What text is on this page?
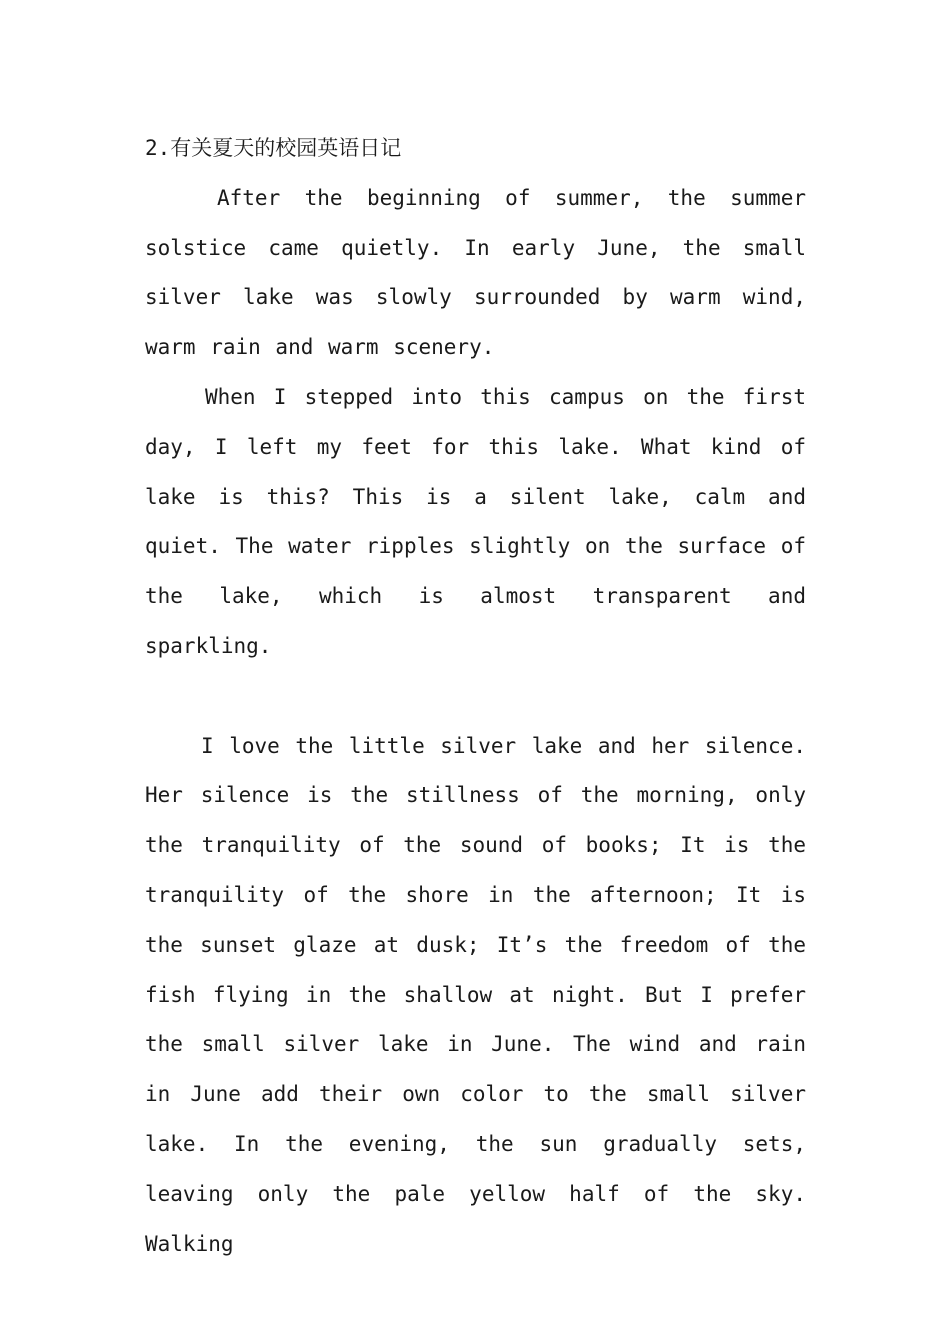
2.有关夏天的校园英语日记

After the beginning of summer, the summer solstice came quietly. In early June, the small silver lake was slowly surrounded by warm wind, warm rain and warm scenery.

When I stepped into this campus on the first day, I left my feet for this lake. What kind of lake is this? This is a silent lake, calm and quiet. The water ripples slightly on the surface of the lake, which is almost transparent and sparkling.

I love the little silver lake and her silence. Her silence is the stillness of the morning, only the tranquility of the sound of books; It is the tranquility of the shore in the afternoon; It is the sunset glaze at dusk; It’s the freedom of the fish flying in the shallow at night. But I prefer the small silver lake in June. The wind and rain in June add their own color to the small silver lake. In the evening, the sun gradually sets, leaving only the pale yellow half of the sky. Walking
